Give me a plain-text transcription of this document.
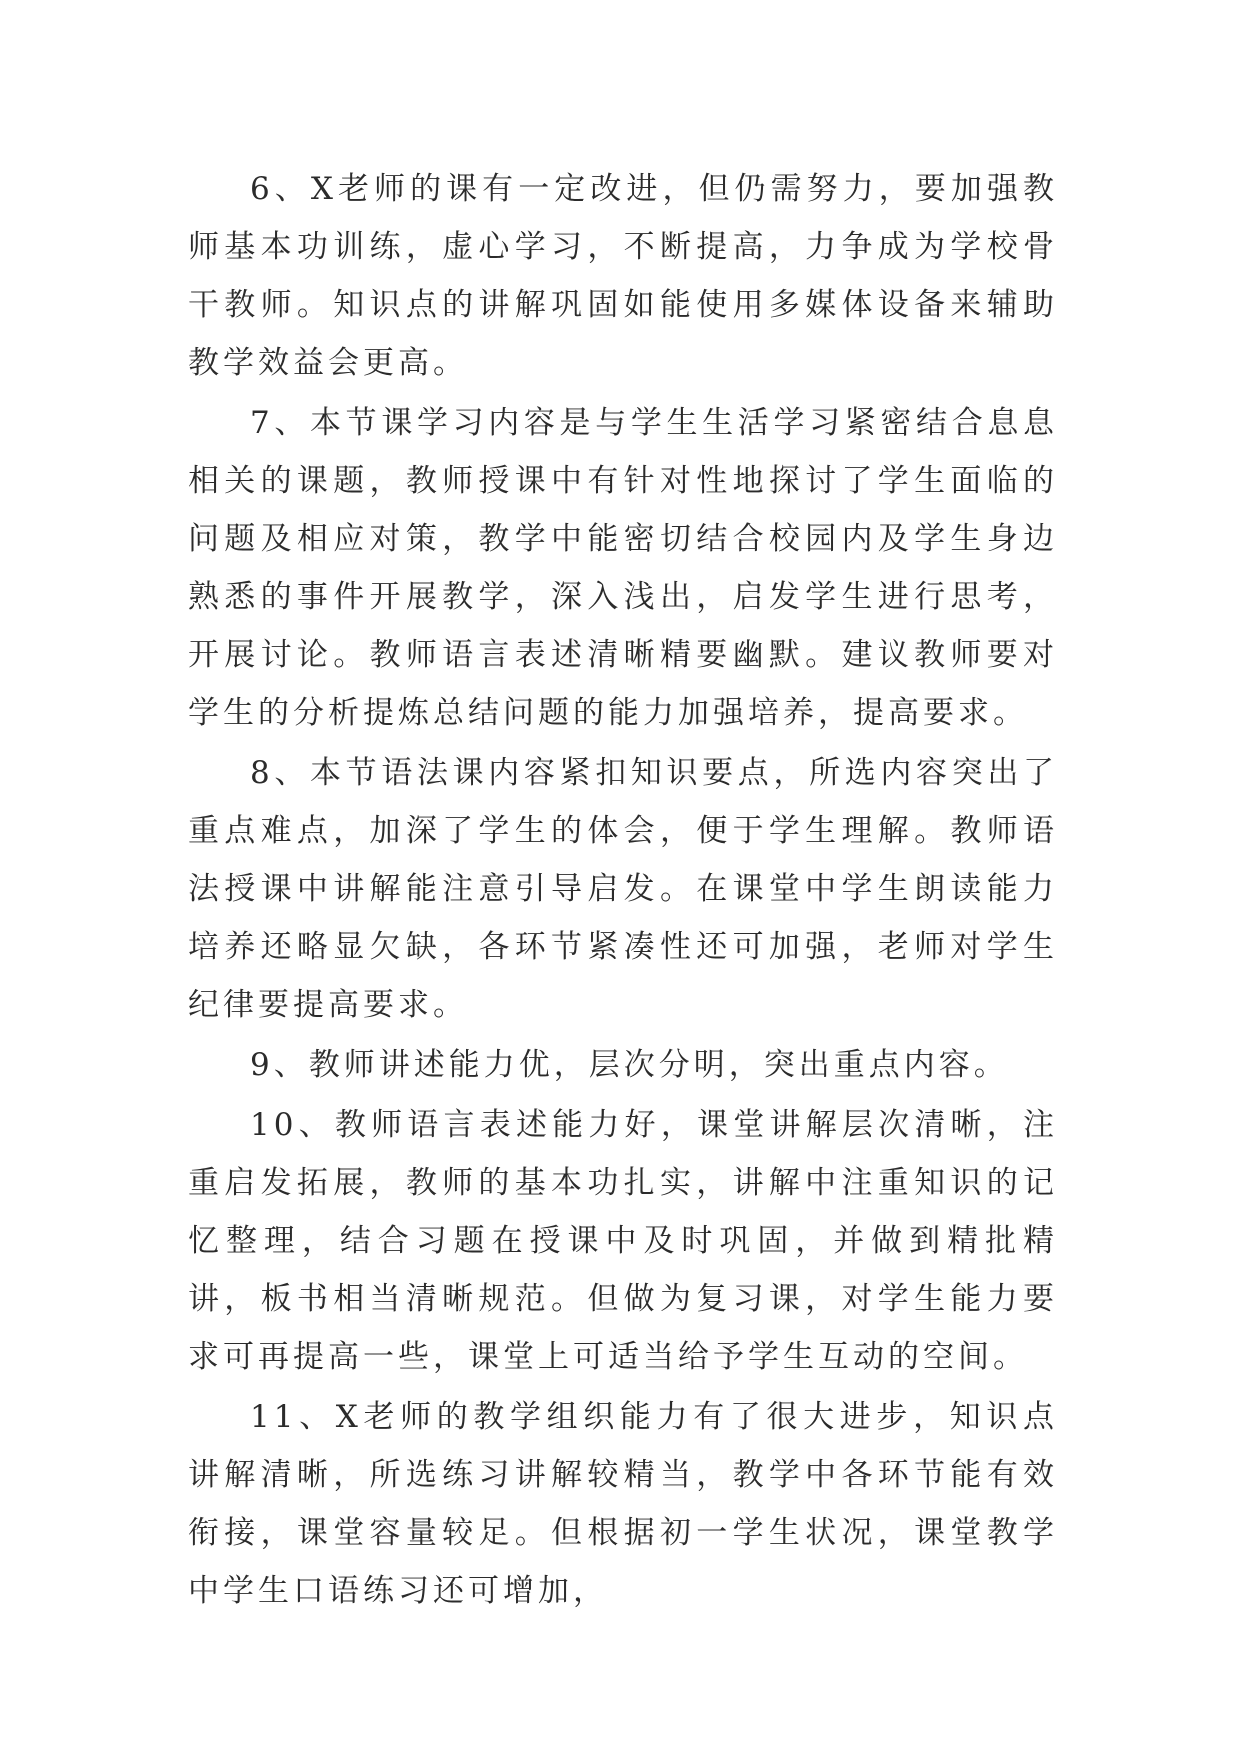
6、X老师的课有一定改进，但仍需努力，要加强教师基本功训练，虚心学习，不断提高，力争成为学校骨干教师。知识点的讲解巩固如能使用多媒体设备来辅助教学效益会更高。

7、本节课学习内容是与学生生活学习紧密结合息息相关的课题，教师授课中有针对性地探讨了学生面临的问题及相应对策，教学中能密切结合校园内及学生身边熟悉的事件开展教学，深入浅出，启发学生进行思考，开展讨论。教师语言表述清晰精要幽默。建议教师要对学生的分析提炼总结问题的能力加强培养，提高要求。

8、本节语法课内容紧扣知识要点，所选内容突出了重点难点，加深了学生的体会，便于学生理解。教师语法授课中讲解能注意引导启发。在课堂中学生朗读能力培养还略显欠缺，各环节紧凑性还可加强，老师对学生纪律要提高要求。

9、教师讲述能力优，层次分明，突出重点内容。

10、教师语言表述能力好，课堂讲解层次清晰，注重启发拓展，教师的基本功扎实，讲解中注重知识的记忆整理，结合习题在授课中及时巩固，并做到精批精讲，板书相当清晰规范。但做为复习课，对学生能力要求可再提高一些，课堂上可适当给予学生互动的空间。

11、X老师的教学组织能力有了很大进步，知识点讲解清晰，所选练习讲解较精当，教学中各环节能有效衔接，课堂容量较足。但根据初一学生状况，课堂教学中学生口语练习还可增加，
